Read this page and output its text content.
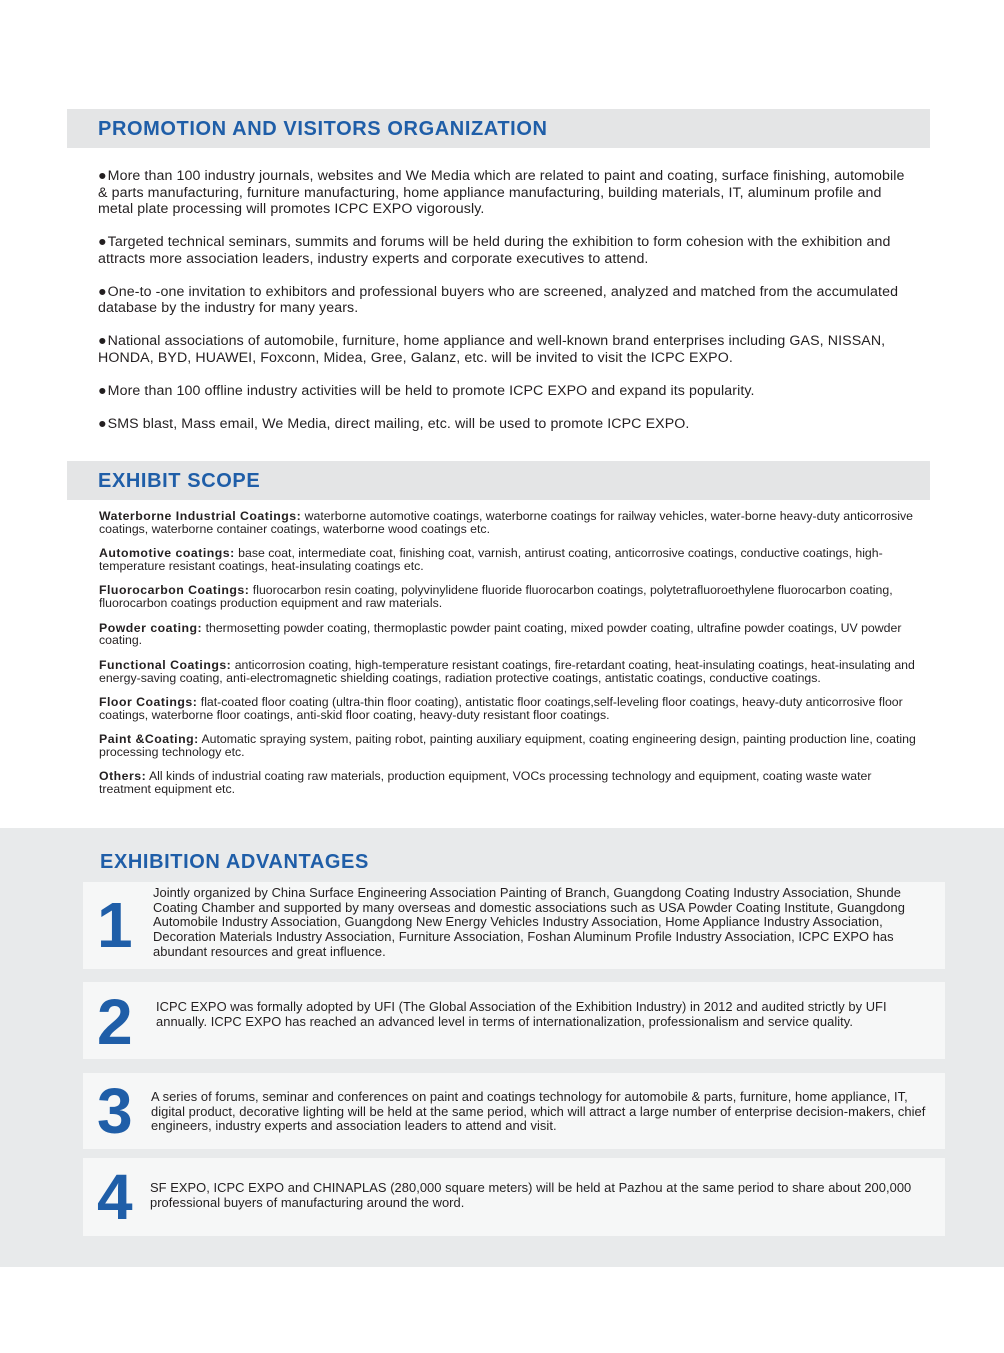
PROMOTION AND VISITORS ORGANIZATION
●More than 100 industry journals, websites and We Media which are related to paint and coating, surface finishing, automobile & parts manufacturing, furniture manufacturing, home appliance manufacturing, building materials, IT, aluminum profile and metal plate processing will promotes ICPC EXPO vigorously.
●Targeted technical seminars, summits and forums will be held during the exhibition to form cohesion with the exhibition and attracts more association leaders, industry experts and corporate executives to attend.
●One-to -one invitation to exhibitors and professional buyers who are screened, analyzed and matched from the accumulated database by the industry for many years.
●National associations of automobile, furniture, home appliance and well-known brand enterprises including GAS, NISSAN, HONDA, BYD, HUAWEI, Foxconn, Midea, Gree, Galanz, etc. will be invited to visit the ICPC EXPO.
●More than 100 offline industry activities will be held to promote ICPC EXPO and expand its popularity.
●SMS blast, Mass email, We Media, direct mailing, etc. will be used to promote ICPC EXPO.
EXHIBIT SCOPE
Waterborne Industrial Coatings: waterborne automotive coatings, waterborne coatings for railway vehicles, water-borne heavy-duty anticorrosive coatings, waterborne container coatings, waterborne wood coatings etc.
Automotive coatings: base coat, intermediate coat, finishing coat, varnish, antirust coating, anticorrosive coatings, conductive coatings, high-temperature resistant coatings, heat-insulating coatings etc.
Fluorocarbon Coatings: fluorocarbon resin coating, polyvinylidene fluoride fluorocarbon coatings, polytetrafluoroethylene fluorocarbon coating, fluorocarbon coatings production equipment and raw materials.
Powder coating: thermosetting powder coating, thermoplastic powder paint coating, mixed powder coating, ultrafine powder coatings, UV powder coating.
Functional Coatings: anticorrosion coating, high-temperature resistant coatings, fire-retardant coating, heat-insulating coatings, heat-insulating and energy-saving coating, anti-electromagnetic shielding coatings, radiation protective coatings, antistatic coatings, conductive coatings.
Floor Coatings: flat-coated floor coating (ultra-thin floor coating), antistatic floor coatings,self-leveling floor coatings, heavy-duty anticorrosive floor coatings, waterborne floor coatings, anti-skid floor coating, heavy-duty resistant floor coatings.
Paint &Coating: Automatic spraying system, paiting robot, painting auxiliary equipment, coating engineering design, painting production line, coating processing technology etc.
Others: All kinds of industrial coating raw materials, production equipment, VOCs processing technology and equipment, coating waste water treatment equipment etc.
EXHIBITION ADVANTAGES
1 Jointly organized by China Surface Engineering Association Painting of Branch, Guangdong Coating Industry Association, Shunde Coating Chamber and supported by many overseas and domestic associations such as USA Powder Coating Institute, Guangdong Automobile Industry Association, Guangdong New Energy Vehicles Industry Association, Home Appliance Industry Association, Decoration Materials Industry Association, Furniture Association, Foshan Aluminum Profile Industry Association, ICPC EXPO has abundant resources and great influence.

2 ICPC EXPO was formally adopted by UFI (The Global Association of the Exhibition Industry) in 2012 and audited strictly by UFI annually. ICPC EXPO has reached an advanced level in terms of internationalization, professionalism and service quality.

3 A series of forums, seminar and conferences on paint and coatings technology for automobile & parts, furniture, home appliance, IT, digital product, decorative lighting will be held at the same period, which will attract a large number of enterprise decision-makers, chief engineers, industry experts and association leaders to attend and visit.

4 SF EXPO, ICPC EXPO and CHINAPLAS (280,000 square meters) will be held at Pazhou at the same period to share about 200,000 professional buyers of manufacturing around the word.
